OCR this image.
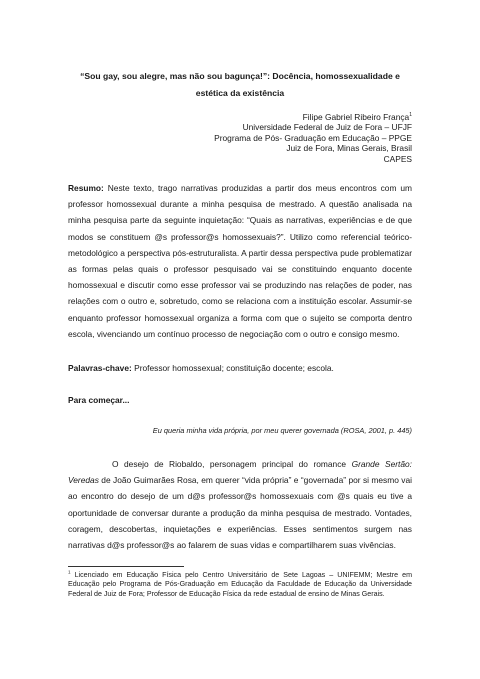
“Sou gay, sou alegre, mas não sou bagunça!”: Docência, homossexualidade e
estética da existência
Filipe Gabriel Ribeiro França$^1$
Universidade Federal de Juiz de Fora – UFJF
Programa de Pós- Graduação em Educação – PPGE
Juiz de Fora, Minas Gerais, Brasil
CAPES

Resumo: Neste texto, trago narrativas produzidas a partir dos meus encontros com um professor homossexual durante a minha pesquisa de mestrado. A questão analisada na minha pesquisa parte da seguinte inquietação: “Quais as narrativas, experiências e de que modos se constituem @s professor@s homossexuais?”. Utilizo como referencial teórico-metodológico a perspectiva pós-estruturalista. A partir dessa perspectiva pude problematizar as formas pelas quais o professor pesquisado vai se constituindo enquanto docente homossexual e discutir como esse professor vai se produzindo nas relações de poder, nas relações com o outro e, sobretudo, como se relaciona com a instituição escolar. Assumir-se enquanto professor homossexual organiza a forma com que o sujeito se comporta dentro escola, vivenciando um contínuo processo de negociação com o outro e consigo mesmo.

Palavras-chave: Professor homossexual; constituição docente; escola.

Para começar...

Eu queria minha vida própria, por meu querer governada (ROSA, 2001, p. 445)

O desejo de Riobaldo, personagem principal do romance Grande Sertão: Veredas de João Guimarães Rosa, em querer “vida própria” e “governada” por si mesmo vai ao encontro do desejo de um d@s professor@s homossexuais com @s quais eu tive a oportunidade de conversar durante a produção da minha pesquisa de mestrado. Vontades, coragem, descobertas, inquietações e experiências. Esses sentimentos surgem nas narrativas d@s professor@s ao falarem de suas vidas e compartilharem suas vivências.

$^1$ Licenciado em Educação Física pelo Centro Universitário de Sete Lagoas – UNIFEMM; Mestre em Educação pelo Programa de Pós-Graduação em Educação da Faculdade de Educação da Universidade Federal de Juiz de Fora; Professor de Educação Física da rede estadual de ensino de Minas Gerais.
